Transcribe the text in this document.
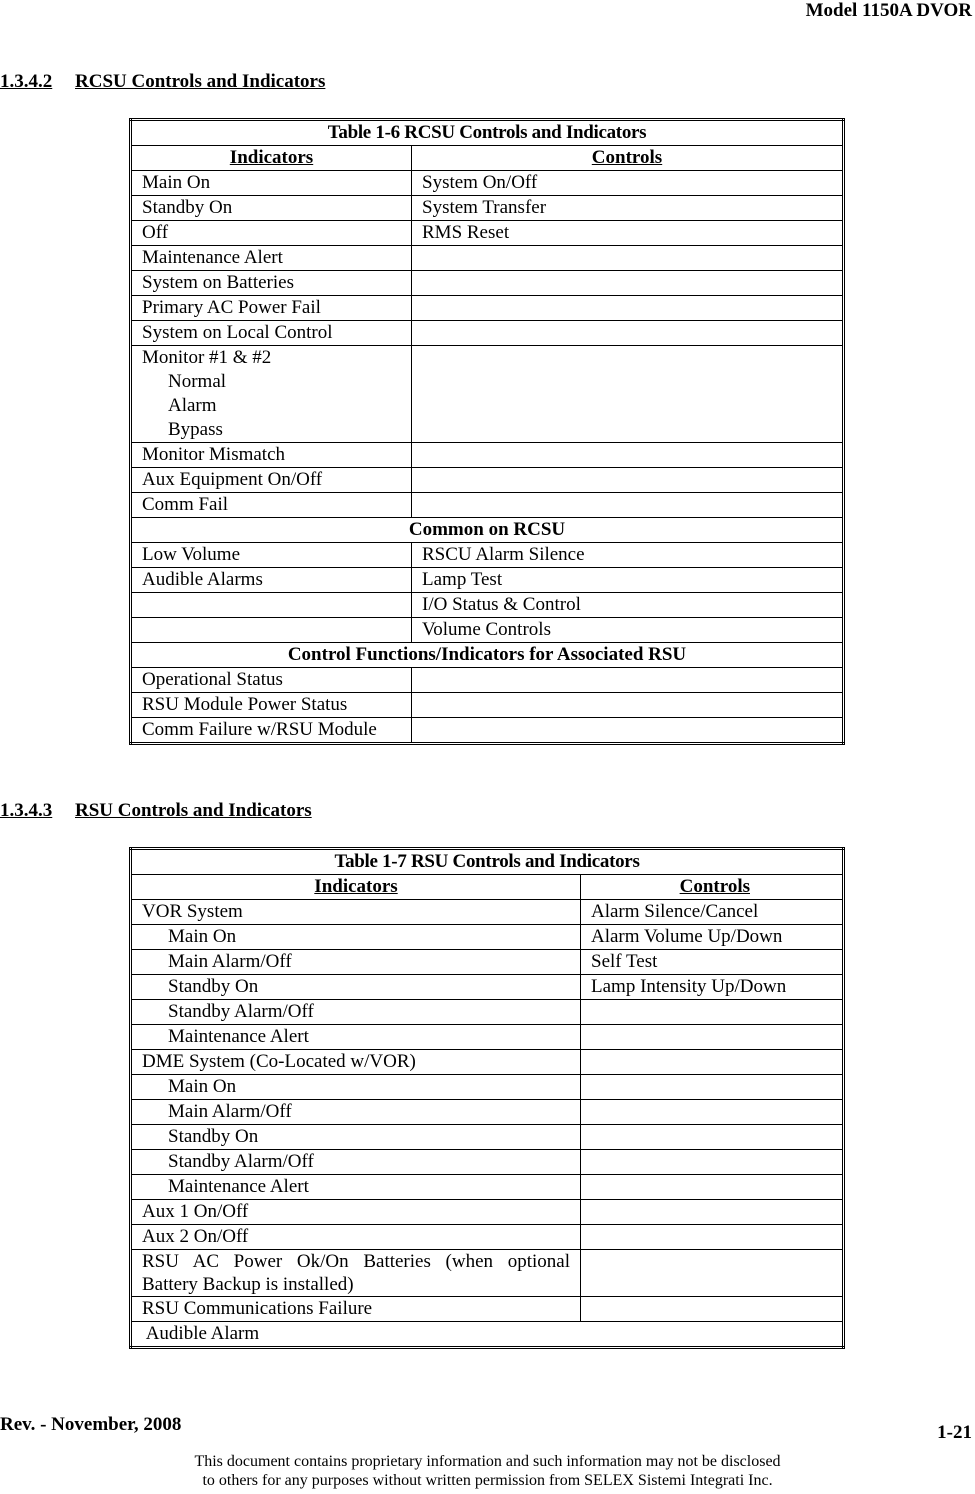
Model 1150A DVOR
1.3.4.2 RCSU Controls and Indicators
Table 1-6 RCSU Controls and Indicators	
Indicators	Controls
Main On	System On/Off
Standby On	System Transfer
Off	RMS Reset
Maintenance Alert	
System on Batteries	
Primary AC Power Fail	
System on Local Control	
Monitor #1 & #2
Normal
Alarm
Bypass	

Monitor Mismatch	
Aux Equipment On/Off	
Comm Fail	
Common on RCSU	
Low Volume	RSCU Alarm Silence
Audible Alarms	Lamp Test
	I/O Status & Control
	Volume Controls
Control Functions/Indicators for Associated RSU	
Operational Status	
RSU Module Power Status	
Comm Failure w/RSU Module	
1.3.4.3 RSU Controls and Indicators
Table 1-7 RSU Controls and Indicators	
Indicators	Controls
VOR System	Alarm Silence/Cancel
Main On	Alarm Volume Up/Down
Main Alarm/Off	Self Test
Standby On	Lamp Intensity Up/Down
Standby Alarm/Off	
Maintenance Alert	
DME System (Co-Located w/VOR)	
Main On	
Main Alarm/Off	
Standby On	
Standby Alarm/Off	
Maintenance Alert	
Aux 1 On/Off	
Aux 2 On/Off	
RSU AC Power Ok/On Batteries (when optional Battery Backup is installed)	
RSU Communications Failure	
Audible Alarm	
Rev. - November, 2008	1-21
This document contains proprietary information and such information may not be disclosed
to others for any purposes without written permission from SELEX Sistemi Integrati Inc.
